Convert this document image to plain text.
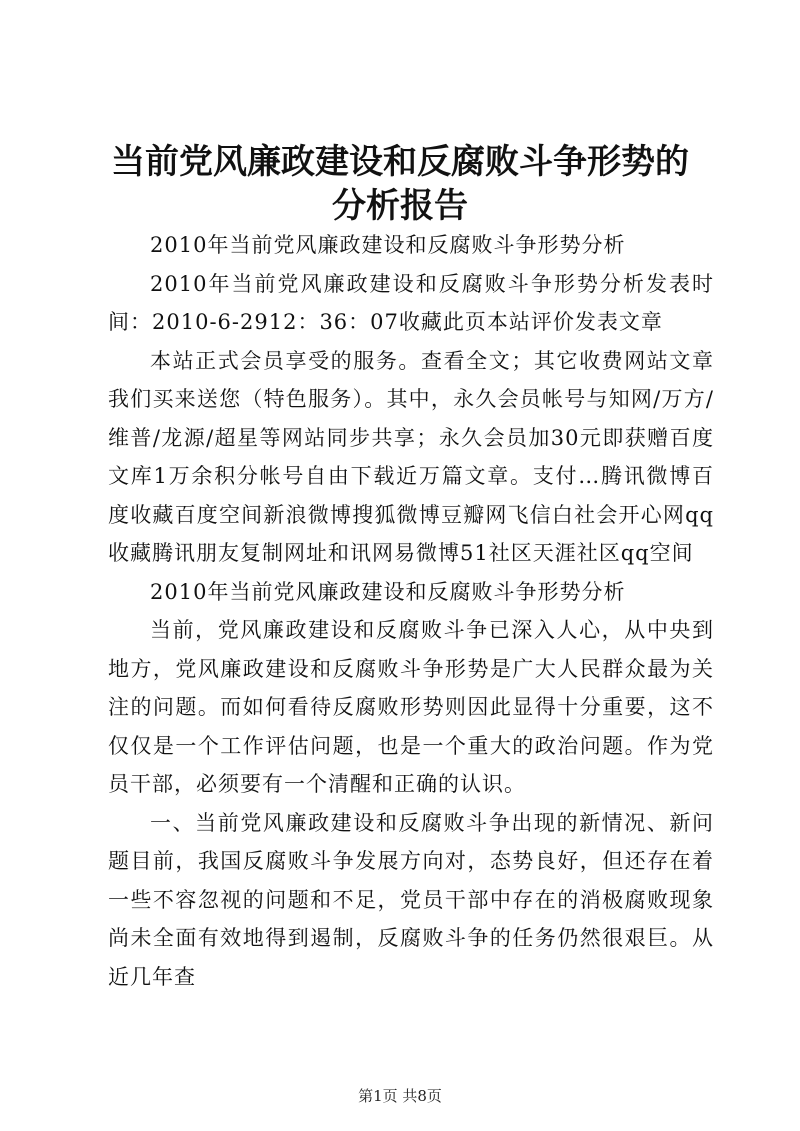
当前党风廉政建设和反腐败斗争形势的分析报告

2010年当前党风廉政建设和反腐败斗争形势分析

2010年当前党风廉政建设和反腐败斗争形势分析发表时间：2010-6-2912：36：07收藏此页本站评价发表文章

本站正式会员享受的服务。查看全文；其它收费网站文章我们买来送您（特色服务）。其中，永久会员帐号与知网/万方/维普/龙源/超星等网站同步共享；永久会员加30元即获赠百度文库1万余积分帐号自由下载近万篇文章。支付…腾讯微博百度收藏百度空间新浪微博搜狐微博豆瓣网飞信白社会开心网qq收藏腾讯朋友复制网址和讯网易微博51社区天涯社区qq空间

2010年当前党风廉政建设和反腐败斗争形势分析

当前，党风廉政建设和反腐败斗争已深入人心，从中央到地方，党风廉政建设和反腐败斗争形势是广大人民群众最为关注的问题。而如何看待反腐败形势则因此显得十分重要，这不仅仅是一个工作评估问题，也是一个重大的政治问题。作为党员干部，必须要有一个清醒和正确的认识。

一、当前党风廉政建设和反腐败斗争出现的新情况、新问题目前，我国反腐败斗争发展方向对，态势良好，但还存在着一些不容忽视的问题和不足，党员干部中存在的消极腐败现象尚未全面有效地得到遏制，反腐败斗争的任务仍然很艰巨。从近几年查

第1页 共8页
